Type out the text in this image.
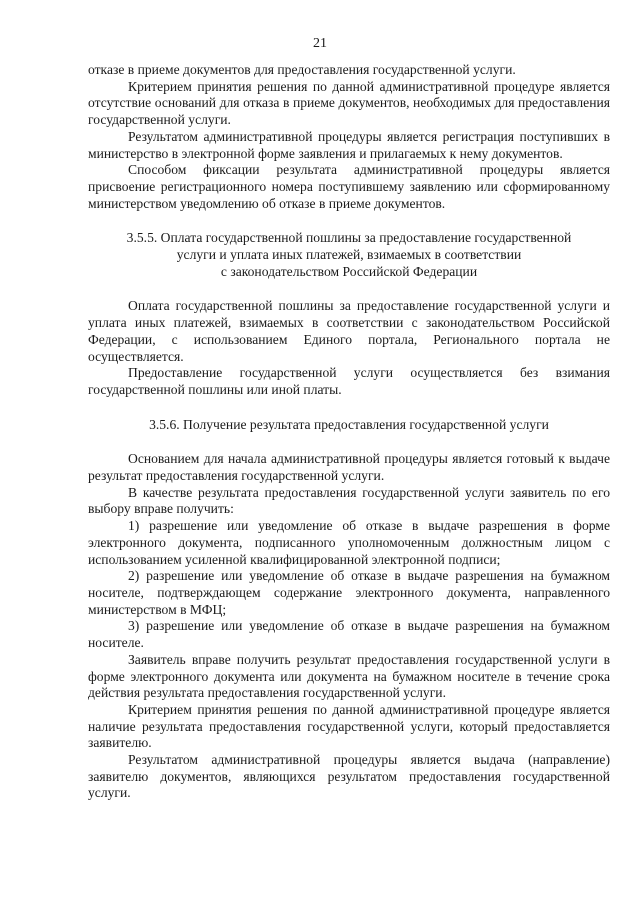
21

отказе в приеме документов для предоставления государственной услуги.

Критерием принятия решения по данной административной процедуре является отсутствие оснований для отказа в приеме документов, необходимых для предоставления государственной услуги.

Результатом административной процедуры является регистрация поступивших в министерство в электронной форме заявления и прилагаемых к нему документов.

Способом фиксации результата административной процедуры является присвоение регистрационного номера поступившему заявлению или сформированному министерством уведомлению об отказе в приеме документов.

3.5.5. Оплата государственной пошлины за предоставление государственной
услуги и уплата иных платежей, взимаемых в соответствии
с законодательством Российской Федерации

Оплата государственной пошлины за предоставление государственной услуги и уплата иных платежей, взимаемых в соответствии с законодательством Российской Федерации, с использованием Единого портала, Регионального портала не осуществляется.

Предоставление государственной услуги осуществляется без взимания государственной пошлины или иной платы.

3.5.6. Получение результата предоставления государственной услуги

Основанием для начала административной процедуры является готовый к выдаче результат предоставления государственной услуги.

В качестве результата предоставления государственной услуги заявитель по его выбору вправе получить:

1) разрешение или уведомление об отказе в выдаче разрешения в форме электронного документа, подписанного уполномоченным должностным лицом с использованием усиленной квалифицированной электронной подписи;

2) разрешение или уведомление об отказе в выдаче разрешения на бумажном носителе, подтверждающем содержание электронного документа, направленного министерством в МФЦ;

3) разрешение или уведомление об отказе в выдаче разрешения на бумажном носителе.

Заявитель вправе получить результат предоставления государственной услуги в форме электронного документа или документа на бумажном носителе в течение срока действия результата предоставления государственной услуги.

Критерием принятия решения по данной административной процедуре является наличие результата предоставления государственной услуги, который предоставляется заявителю.

Результатом административной процедуры является выдача (направление) заявителю документов, являющихся результатом предоставления государственной услуги.
